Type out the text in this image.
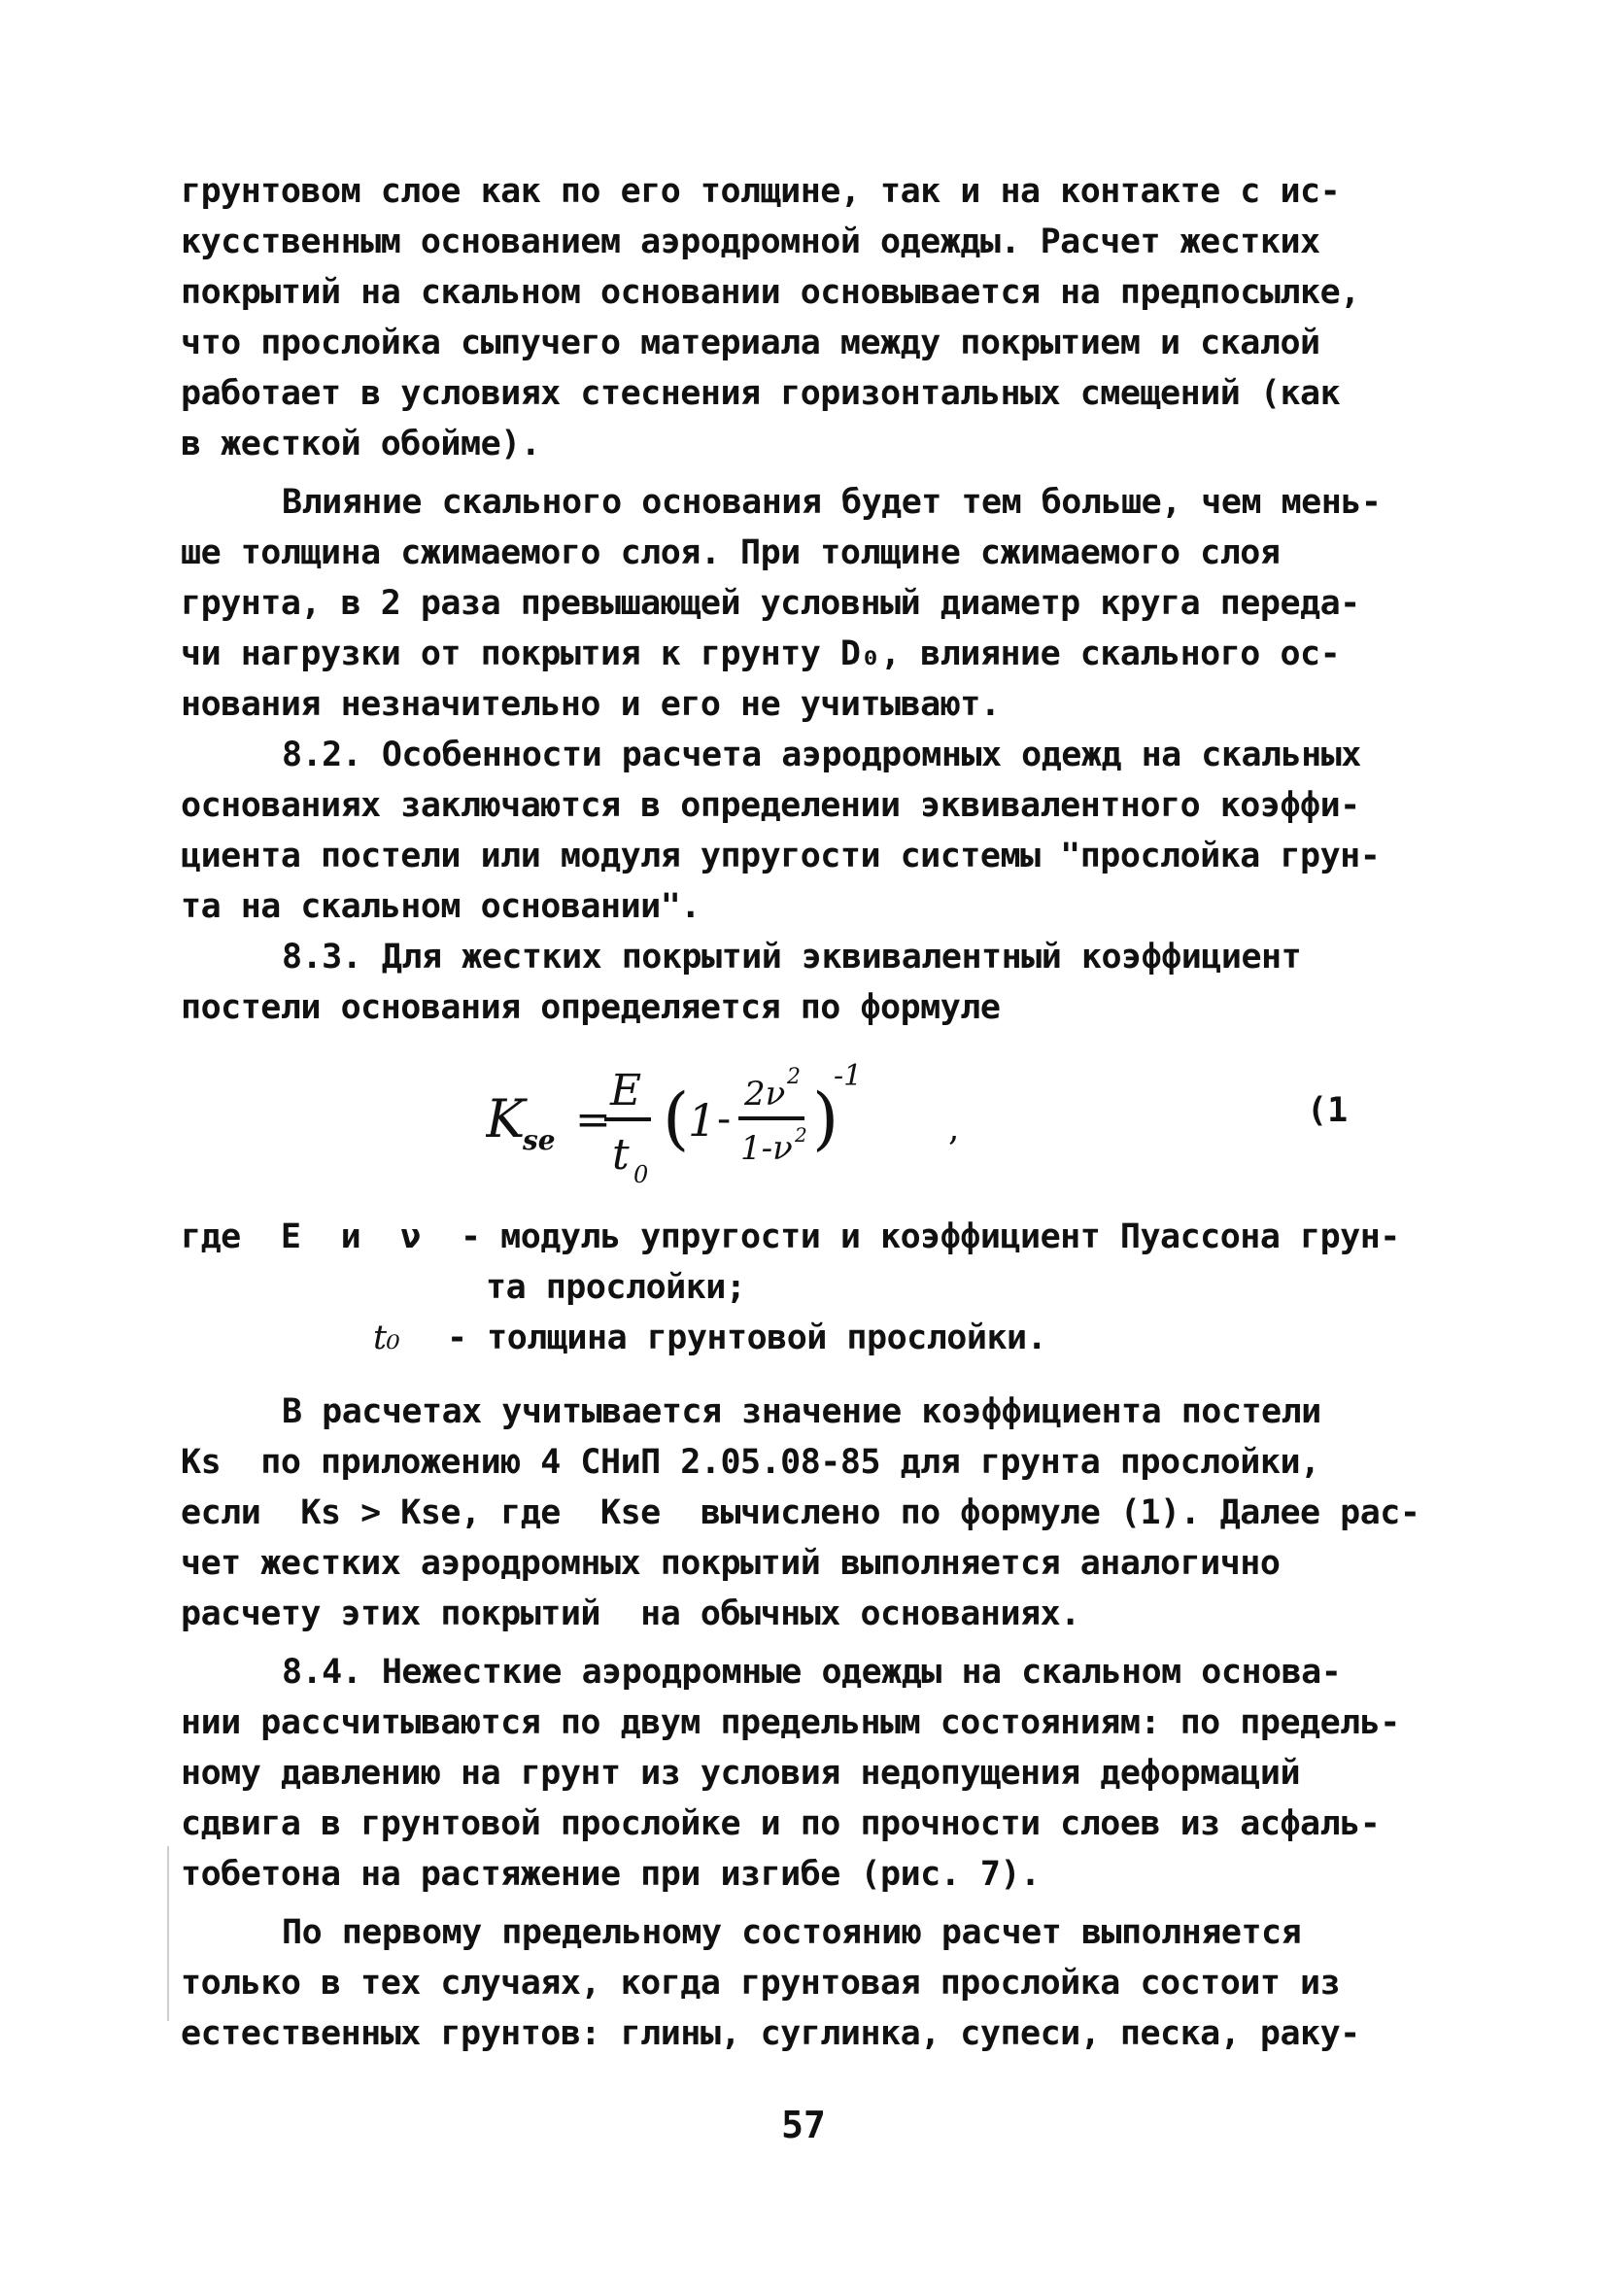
грунтовом слое как по его толщине, так и на контакте с ис-
кусственным основанием аэродромной одежды. Расчет жестких
покрытий на скальном основании основывается на предпосылке,
что прослойка сыпучего материала между покрытием и скалой
работает в условиях стеснения горизонтальных смещений (как
в жесткой обойме).
Влияние скального основания будет тем больше, чем мень-
ше толщина сжимаемого слоя. При толщине сжимаемого слоя
грунта, в 2 раза превышающей условный диаметр круга переда-
чи нагрузки от покрытия к грунту D₀, влияние скального ос-
нования незначительно и его не учитывают.
8.2. Особенности расчета аэродромных одежд на скальных
основаниях заключаются в определении эквивалентного коэффи-
циента постели или модуля упругости системы "прослойка грун-
та на скальном основании".
8.3. Для жестких покрытий эквивалентный коэффициент
постели основания определяется по формуле
K
se =
E
t 0
(
1 - 2ν
1-ν 2
2
)
-1
,	(1
где  E  и  ν  - модуль упругости и коэффициент Пуассона грун-
та прослойки;
t₀	- толщина грунтовой прослойки.
В расчетах учитывается значение коэффициента постели
Ks  по приложению 4 СНиП 2.05.08-85 для грунта прослойки,
если  Ks > Kse, где  Kse  вычислено по формуле (1). Далее рас-
чет жестких аэродромных покрытий выполняется аналогично
расчету этих покрытий  на обычных основаниях.
8.4. Нежесткие аэродромные одежды на скальном основа-
нии рассчитываются по двум предельным состояниям: по предель-
ному давлению на грунт из условия недопущения деформаций
сдвига в грунтовой прослойке и по прочности слоев из асфаль-
тобетона на растяжение при изгибе (рис. 7).
По первому предельному состоянию расчет выполняется
только в тех случаях, когда грунтовая прослойка состоит из
естественных грунтов: глины, суглинка, супеси, песка, раку-
57
